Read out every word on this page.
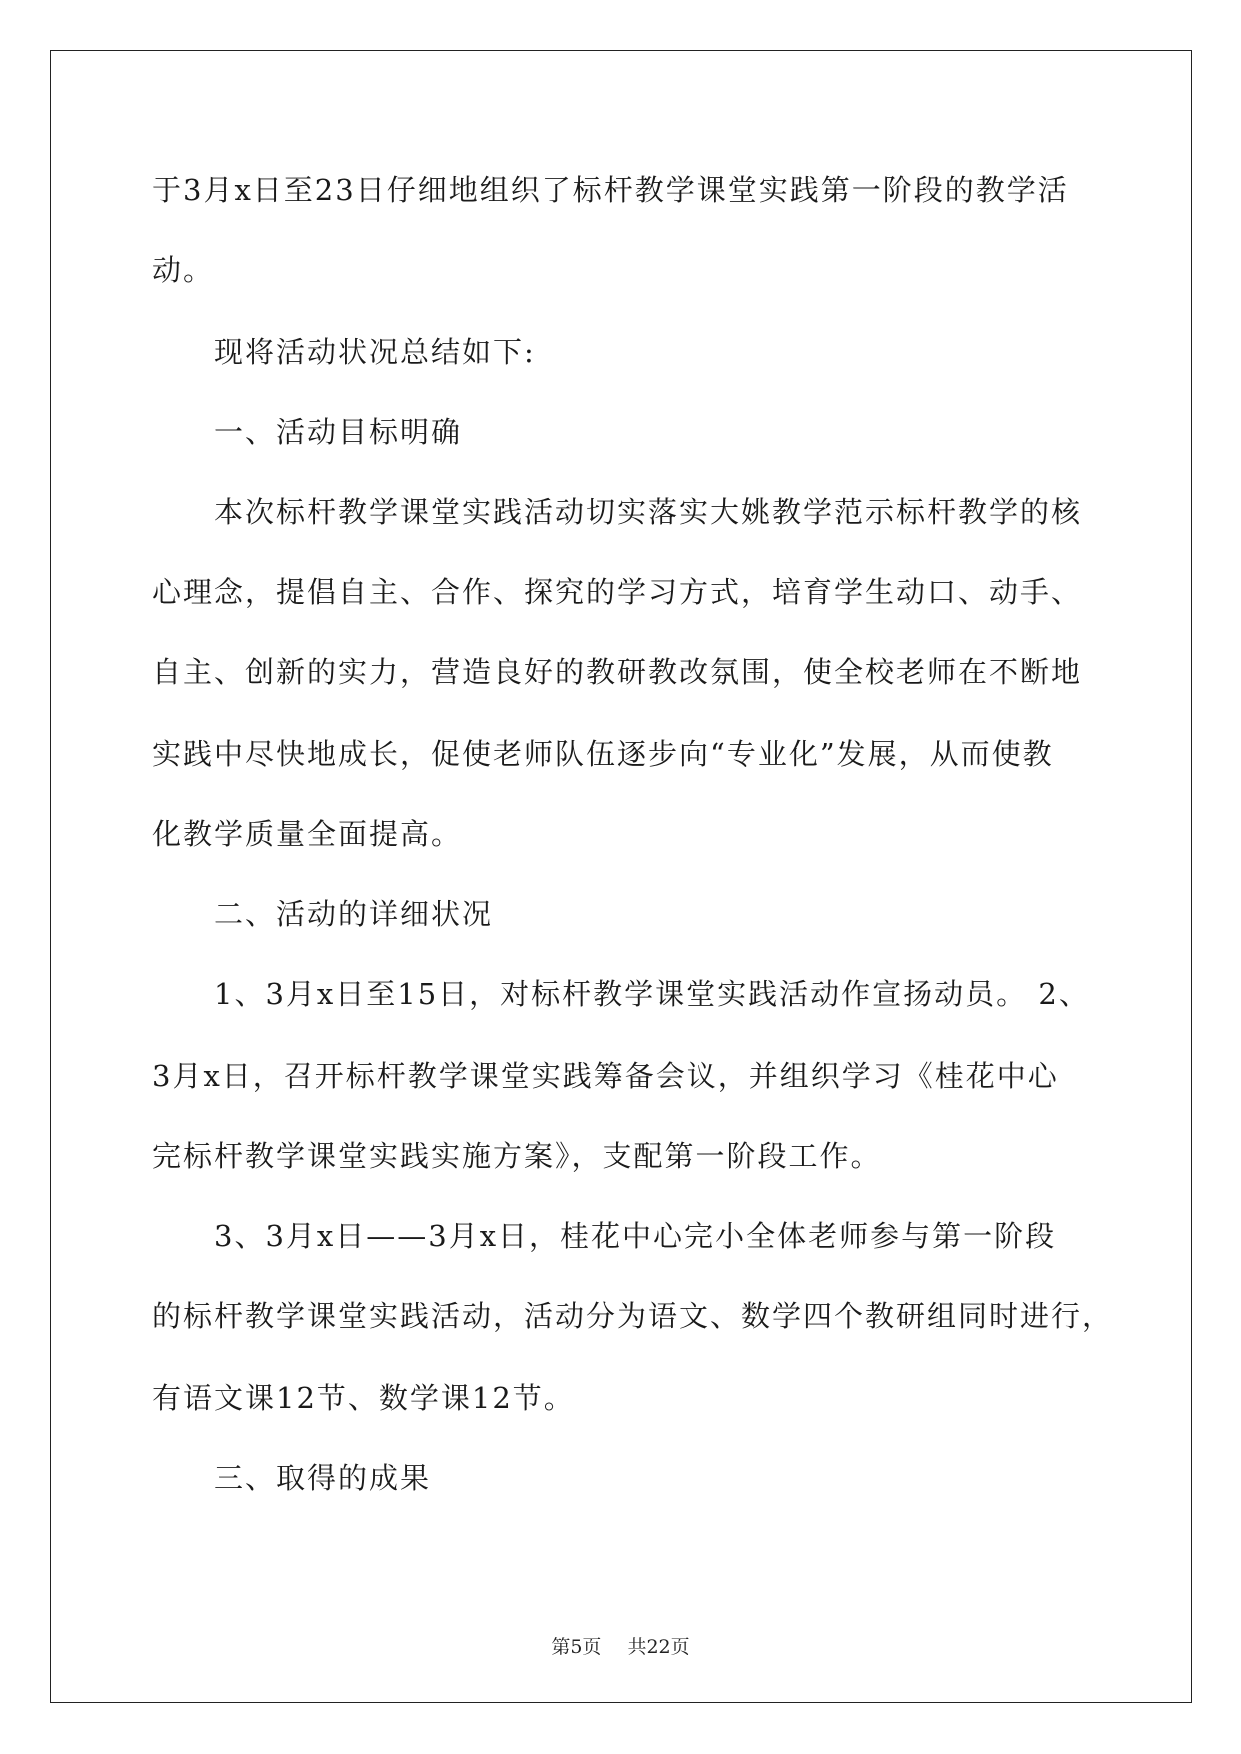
于3月x日至23日仔细地组织了标杆教学课堂实践第一阶段的教学活
动。
现将活动状况总结如下:
一、活动目标明确
本次标杆教学课堂实践活动切实落实大姚教学范示标杆教学的核
心理念，提倡自主、合作、探究的学习方式，培育学生动口、动手、
自主、创新的实力，营造良好的教研教改氛围，使全校老师在不断地
实践中尽快地成长，促使老师队伍逐步向“专业化”发展，从而使教
化教学质量全面提高。
二、活动的详细状况
1、3月x日至15日，对标杆教学课堂实践活动作宣扬动员。 2、
3月x日，召开标杆教学课堂实践筹备会议，并组织学习《桂花中心
完标杆教学课堂实践实施方案》，支配第一阶段工作。
3、3月x日——3月x日，桂花中心完小全体老师参与第一阶段
的标杆教学课堂实践活动，活动分为语文、数学四个教研组同时进行，
有语文课12节、数学课12节。
三、取得的成果
第5页 共22页
